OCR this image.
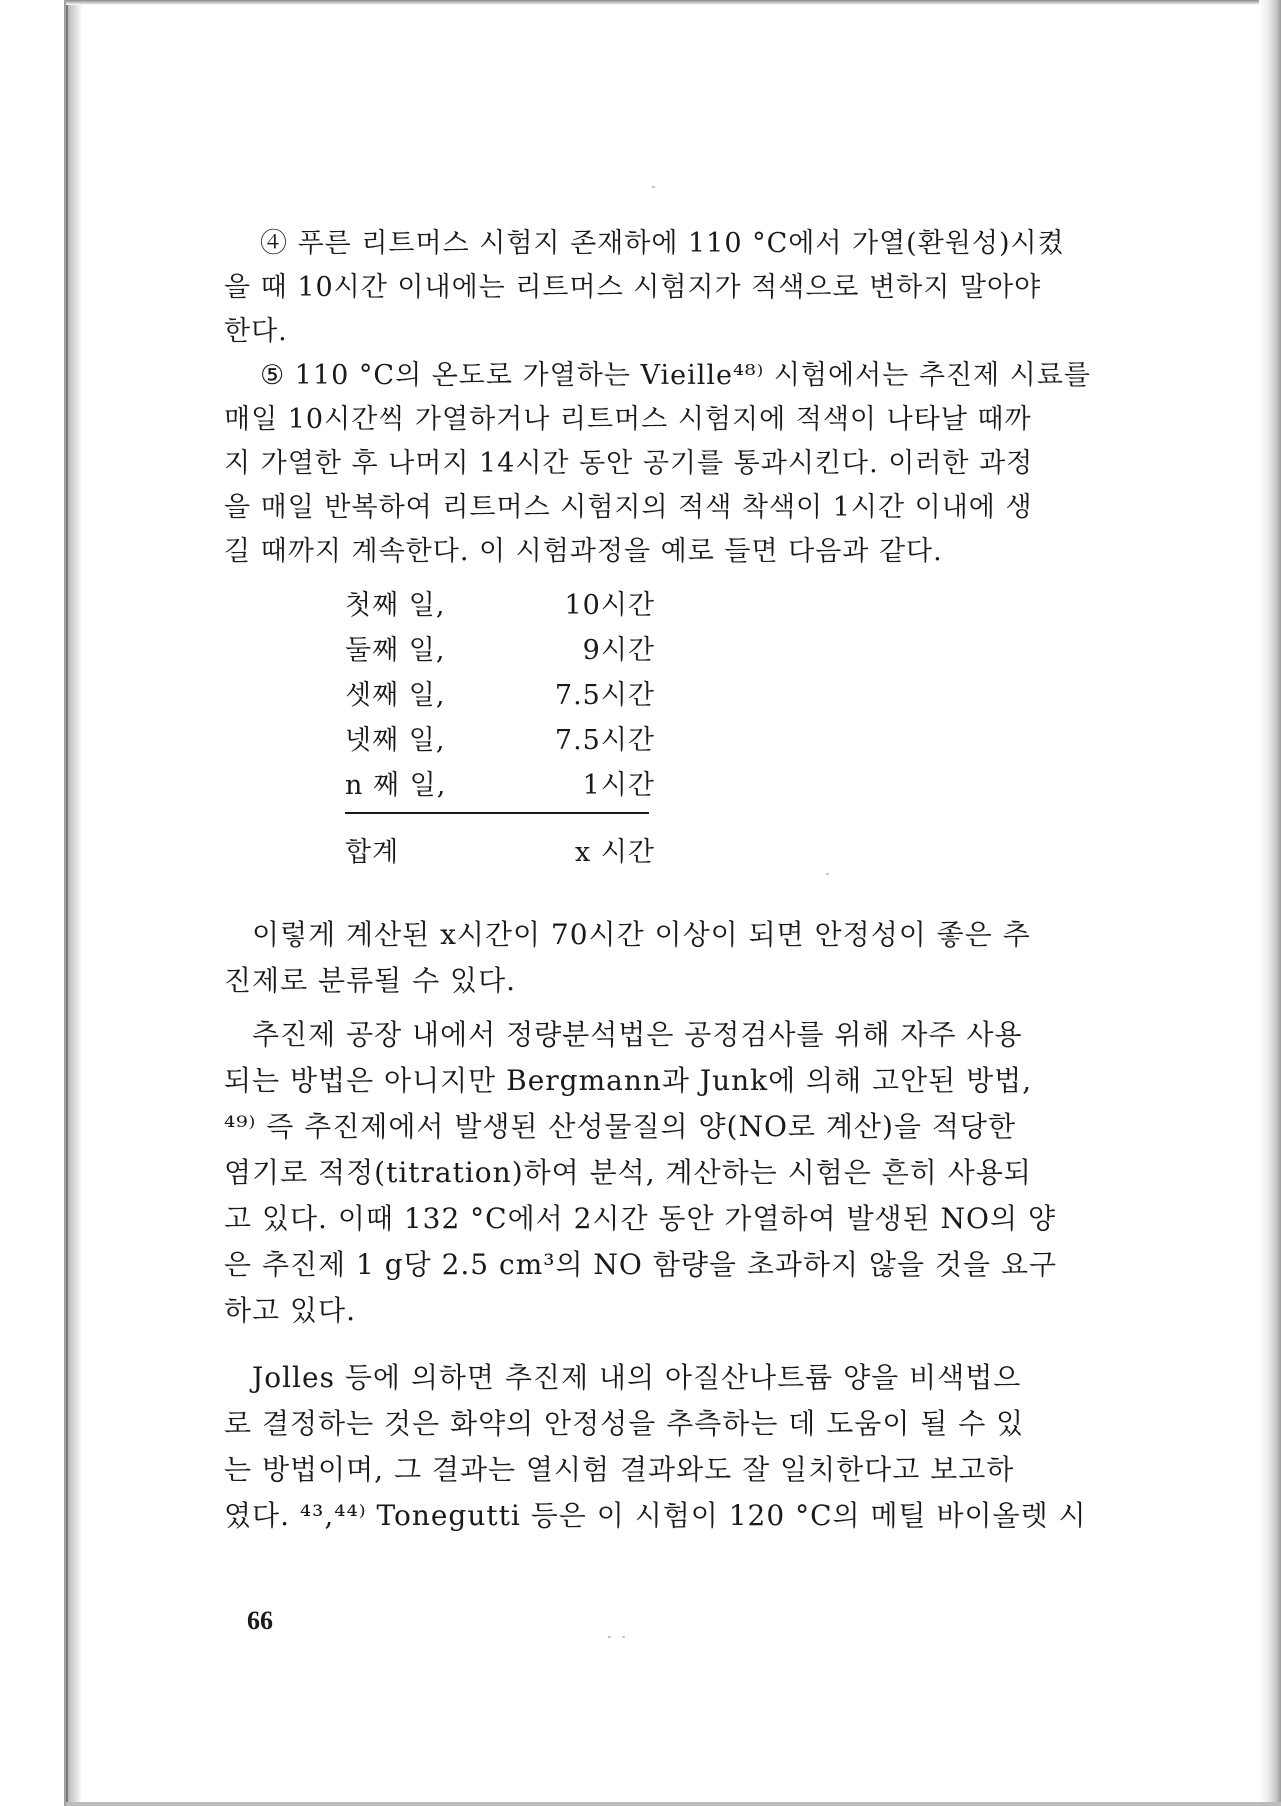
④ 푸른 리트머스 시험지 존재하에 110 °C에서 가열(환원성)시켰
을 때 10시간 이내에는 리트머스 시험지가 적색으로 변하지 말아야
한다.
⑤ 110 °C의 온도로 가열하는 Vieille⁴⁸⁾ 시험에서는 추진제 시료를
매일 10시간씩 가열하거나 리트머스 시험지에 적색이 나타날 때까
지 가열한 후 나머지 14시간 동안 공기를 통과시킨다. 이러한 과정
을 매일 반복하여 리트머스 시험지의 적색 착색이 1시간 이내에 생
길 때까지 계속한다. 이 시험과정을 예로 들면 다음과 같다.
첫째 일,	10시간
둘째 일,	9시간
셋째 일,	7.5시간
넷째 일,	7.5시간
n 째 일,	1시간
합계	x 시간
이렇게 계산된 x시간이 70시간 이상이 되면 안정성이 좋은 추
진제로 분류될 수 있다.
추진제 공장 내에서 정량분석법은 공정검사를 위해 자주 사용
되는 방법은 아니지만 Bergmann과 Junk에 의해 고안된 방법,
⁴⁹⁾ 즉 추진제에서 발생된 산성물질의 양(NO로 계산)을 적당한
염기로 적정(titration)하여 분석, 계산하는 시험은 흔히 사용되
고 있다. 이때 132 °C에서 2시간 동안 가열하여 발생된 NO의 양
은 추진제 1 g당 2.5 cm³의 NO 함량을 초과하지 않을 것을 요구
하고 있다.
Jolles 등에 의하면 추진제 내의 아질산나트륨 양을 비색법으
로 결정하는 것은 화약의 안정성을 추측하는 데 도움이 될 수 있
는 방법이며, 그 결과는 열시험 결과와도 잘 일치한다고 보고하
였다. ⁴³,⁴⁴⁾ Tonegutti 등은 이 시험이 120 °C의 메틸 바이올렛 시
66
